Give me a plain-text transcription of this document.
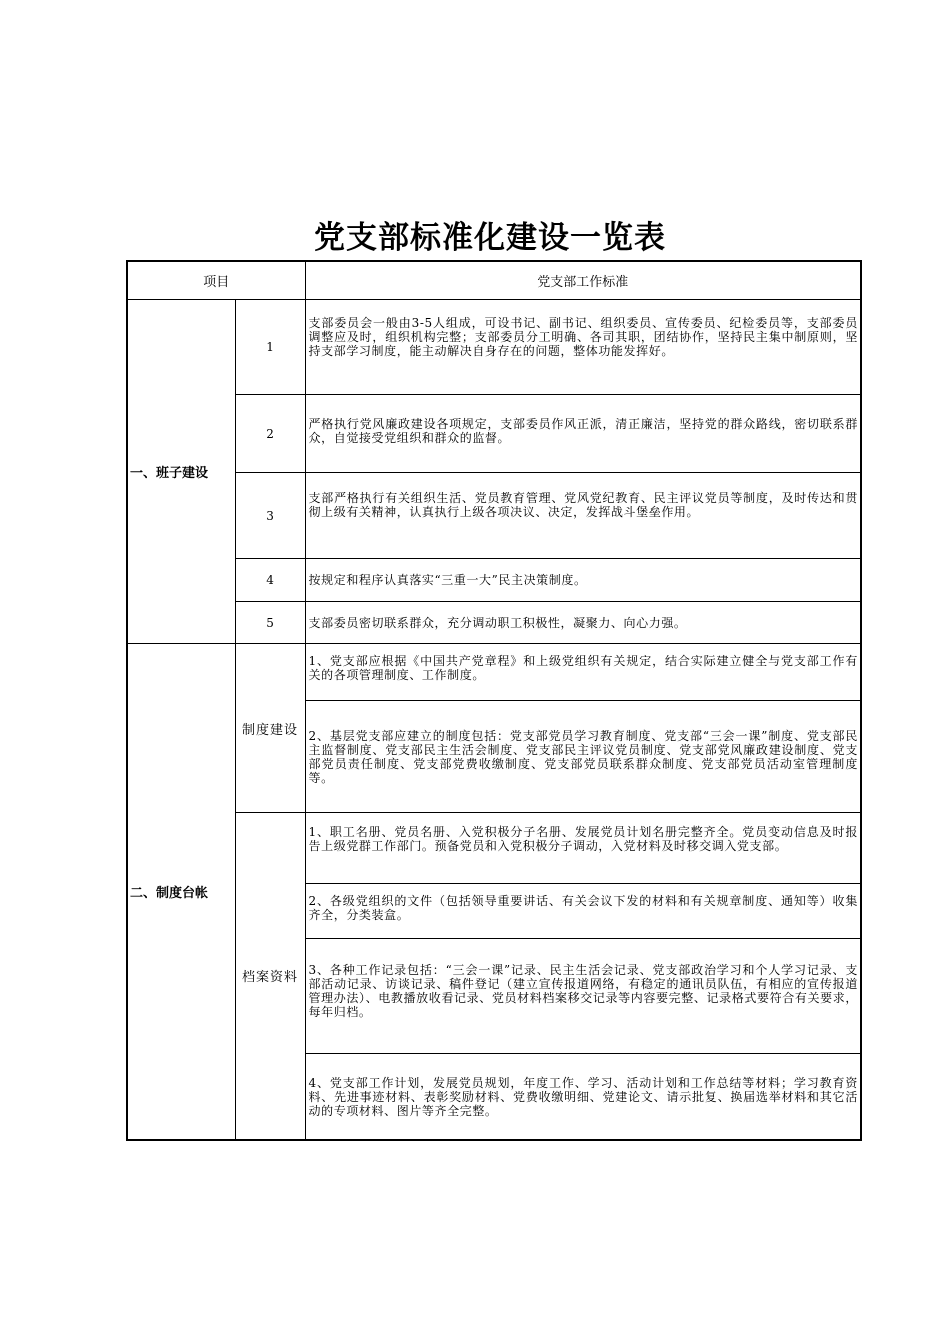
党支部标准化建设一览表
项目		党支部工作标准
一、班子建设	1	支部委员会一般由3-5人组成，可设书记、副书记、组织委员、宣传委员、纪检委员等，支部委员调整应及时，组织机构完整；支部委员分工明确、各司其职，团结协作，坚持民主集中制原则，坚持支部学习制度，能主动解决自身存在的问题，整体功能发挥好。
	2	严格执行党风廉政建设各项规定，支部委员作风正派，清正廉洁，坚持党的群众路线，密切联系群众，自觉接受党组织和群众的监督。
	3	支部严格执行有关组织生活、党员教育管理、党风党纪教育、民主评议党员等制度，及时传达和贯彻上级有关精神，认真执行上级各项决议、决定，发挥战斗堡垒作用。
	4	按规定和程序认真落实“三重一大”民主决策制度。
	5	支部委员密切联系群众，充分调动职工积极性，凝聚力、向心力强。
二、制度台帐	制度建设	1、党支部应根据《中国共产党章程》和上级党组织有关规定，结合实际建立健全与党支部工作有关的各项管理制度、工作制度。
		2、基层党支部应建立的制度包括：党支部党员学习教育制度、党支部“三会一课”制度、党支部民主监督制度、党支部民主生活会制度、党支部民主评议党员制度、党支部党风廉政建设制度、党支部党员责任制度、党支部党费收缴制度、党支部党员联系群众制度、党支部党员活动室管理制度等。
	档案资料	1、职工名册、党员名册、入党积极分子名册、发展党员计划名册完整齐全。党员变动信息及时报告上级党群工作部门。预备党员和入党积极分子调动，入党材料及时移交调入党支部。
		2、各级党组织的文件（包括领导重要讲话、有关会议下发的材料和有关规章制度、通知等）收集齐全，分类装盒。
		3、各种工作记录包括：“三会一课”记录、民主生活会记录、党支部政治学习和个人学习记录、支部活动记录、访谈记录、稿件登记（建立宣传报道网络，有稳定的通讯员队伍，有相应的宣传报道管理办法）、电教播放收看记录、党员材料档案移交记录等内容要完整、记录格式要符合有关要求，每年归档。
		4、党支部工作计划，发展党员规划，年度工作、学习、活动计划和工作总结等材料；学习教育资料、先进事迹材料、表彰奖励材料、党费收缴明细、党建论文、请示批复、换届选举材料和其它活动的专项材料、图片等齐全完整。
